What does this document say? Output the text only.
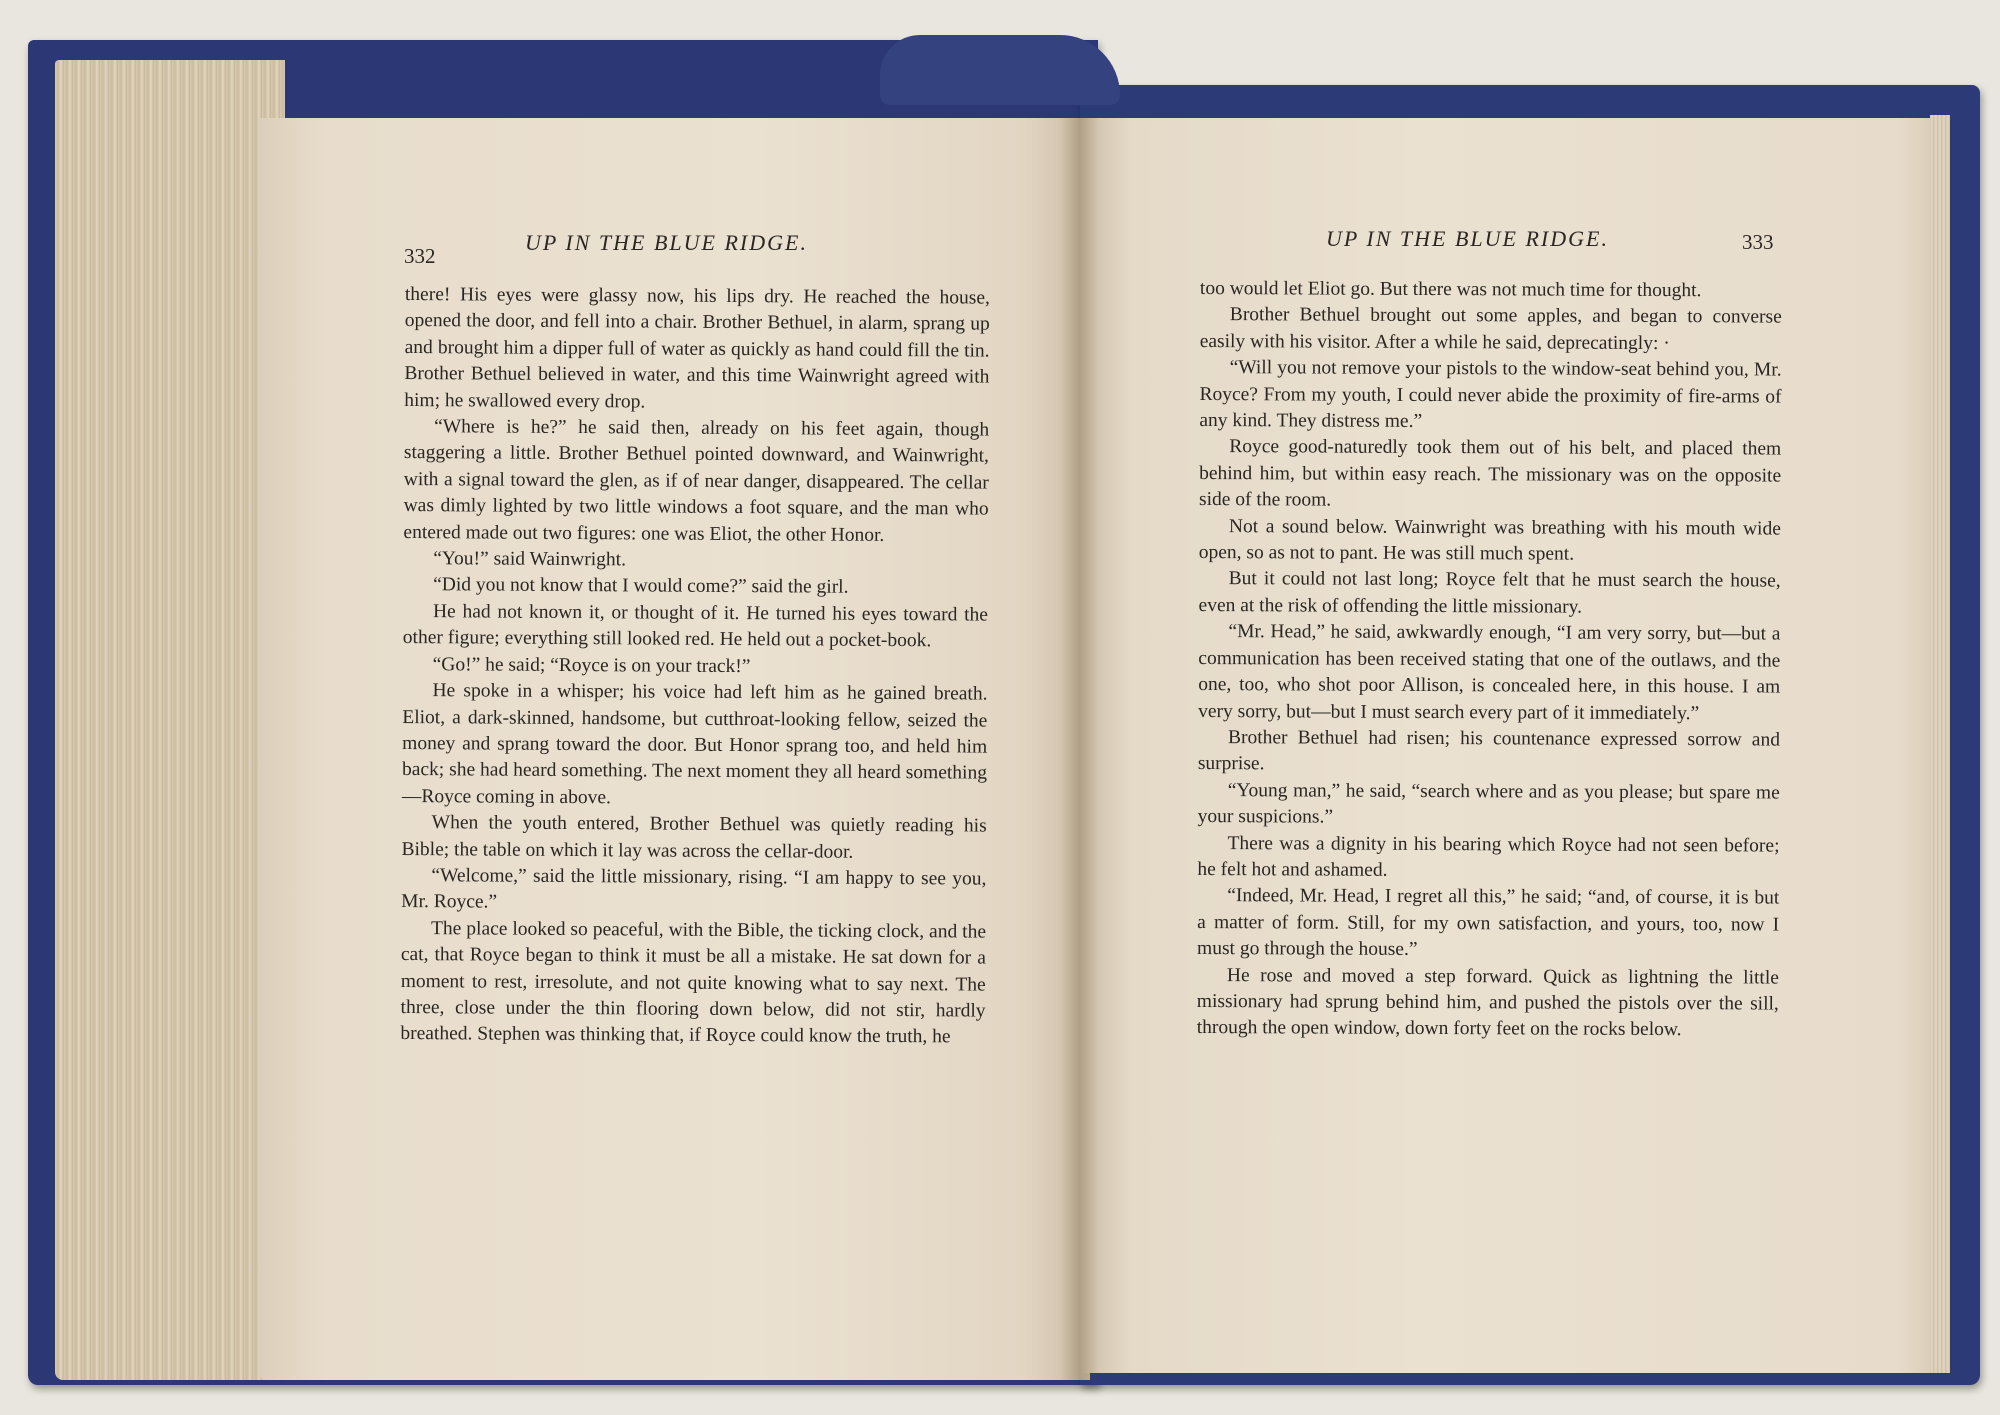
332
UP IN THE BLUE RIDGE.	UP IN THE BLUE RIDGE.	333

there! His eyes were glassy now, his lips dry. He reached the house, opened the door, and fell into a chair. Brother Bethuel, in alarm, sprang up and brought him a dipper full of water as quickly as hand could fill the tin. Brother Bethuel believed in water, and this time Wainwright agreed with him; he swallowed every drop.

“Where is he?” he said then, already on his feet again, though staggering a little. Brother Bethuel pointed downward, and Wainwright, with a signal toward the glen, as if of near danger, disappeared. The cellar was dimly lighted by two little windows a foot square, and the man who entered made out two figures: one was Eliot, the other Honor.

“You!” said Wainwright.

“Did you not know that I would come?” said the girl.

He had not known it, or thought of it. He turned his eyes toward the other figure; everything still looked red. He held out a pocket-book.

“Go!” he said; “Royce is on your track!”

He spoke in a whisper; his voice had left him as he gained breath. Eliot, a dark-skinned, handsome, but cutthroat-looking fellow, seized the money and sprang toward the door. But Honor sprang too, and held him back; she had heard something. The next moment they all heard something—Royce coming in above.

When the youth entered, Brother Bethuel was quietly reading his Bible; the table on which it lay was across the cellar-door.

“Welcome,” said the little missionary, rising. “I am happy to see you, Mr. Royce.”

The place looked so peaceful, with the Bible, the ticking clock, and the cat, that Royce began to think it must be all a mistake. He sat down for a moment to rest, irresolute, and not quite knowing what to say next. The three, close under the thin flooring down below, did not stir, hardly breathed. Stephen was thinking that, if Royce could know the truth, he

too would let Eliot go. But there was not much time for thought.

Brother Bethuel brought out some apples, and began to converse easily with his visitor. After a while he said, deprecatingly: ·

“Will you not remove your pistols to the window-seat behind you, Mr. Royce? From my youth, I could never abide the proximity of fire-arms of any kind. They distress me.”

Royce good-naturedly took them out of his belt, and placed them behind him, but within easy reach. The missionary was on the opposite side of the room.

Not a sound below. Wainwright was breathing with his mouth wide open, so as not to pant. He was still much spent.

But it could not last long; Royce felt that he must search the house, even at the risk of offending the little missionary.

“Mr. Head,” he said, awkwardly enough, “I am very sorry, but—but a communication has been received stating that one of the outlaws, and the one, too, who shot poor Allison, is concealed here, in this house. I am very sorry, but—but I must search every part of it immediately.”

Brother Bethuel had risen; his countenance expressed sorrow and surprise.

“Young man,” he said, “search where and as you please; but spare me your suspicions.”

There was a dignity in his bearing which Royce had not seen before; he felt hot and ashamed.

“Indeed, Mr. Head, I regret all this,” he said; “and, of course, it is but a matter of form. Still, for my own satisfaction, and yours, too, now I must go through the house.”

He rose and moved a step forward. Quick as lightning the little missionary had sprung behind him, and pushed the pistols over the sill, through the open window, down forty feet on the rocks below.
